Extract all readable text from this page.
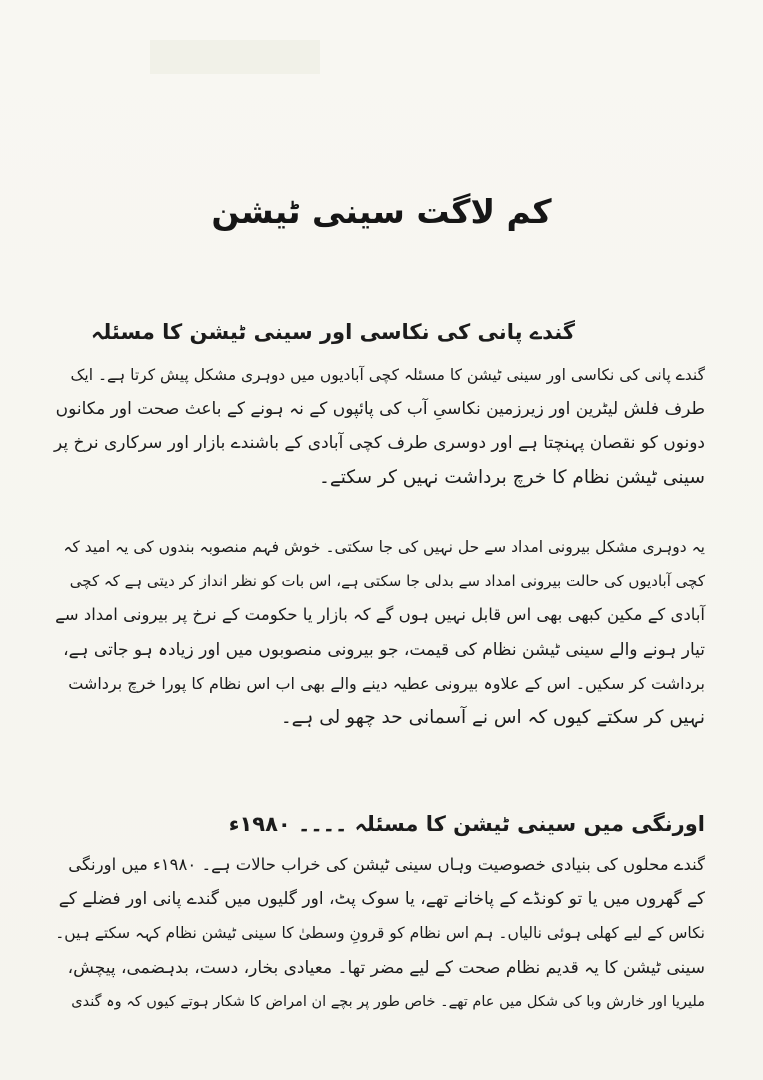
کم لاگت سینی ٹیشن
گندے پانی کی نکاسی اور سینی ٹیشن کا مسئلہ

گندے پانی کی نکاسی اور سینی ٹیشن کا مسئلہ کچی آبادیوں میں دوہری مشکل پیش کرتا ہے۔ ایک

طرف فلش لیٹرین اور زیرزمین نکاسیِ آب کی پائپوں کے نہ ہونے کے باعث صحت اور مکانوں

دونوں کو نقصان پہنچتا ہے اور دوسری طرف کچی آبادی کے باشندے بازار اور سرکاری نرخ پر

سینی ٹیشن نظام کا خرچ برداشت نہیں کر سکتے۔

یہ دوہری مشکل بیرونی امداد سے حل نہیں کی جا سکتی۔ خوش فہم منصوبہ بندوں کی یہ امید کہ

کچی آبادیوں کی حالت بیرونی امداد سے بدلی جا سکتی ہے، اس بات کو نظر انداز کر دیتی ہے کہ کچی

آبادی کے مکین کبھی بھی اس قابل نہیں ہوں گے کہ بازار یا حکومت کے نرخ پر بیرونی امداد سے

تیار ہونے والے سینی ٹیشن نظام کی قیمت، جو بیرونی منصوبوں میں اور زیادہ ہو جاتی ہے،

برداشت کر سکیں۔ اس کے علاوہ بیرونی عطیہ دینے والے بھی اب اس نظام کا پورا خرچ برداشت

نہیں کر سکتے کیوں کہ اس نے آسمانی حد چھو لی ہے۔

اورنگی میں سینی ٹیشن کا مسئلہ ۔۔۔۔ ۱۹۸۰ء

گندے محلوں کی بنیادی خصوصیت وہاں سینی ٹیشن کی خراب حالات ہے۔ ۱۹۸۰ء میں اورنگی

کے گھروں میں یا تو کونڈے کے پاخانے تھے، یا سوک پٹ، اور گلیوں میں گندے پانی اور فضلے کے

نکاس کے لیے کھلی ہوئی نالیاں۔ ہم اس نظام کو قرونِ وسطیٰ کا سینی ٹیشن نظام کہہ سکتے ہیں۔

سینی ٹیشن کا یہ قدیم نظام صحت کے لیے مضر تھا۔ معیادی بخار، دست، بدہضمی، پیچش،

ملیریا اور خارش وبا کی شکل میں عام تھے۔ خاص طور پر بچے ان امراض کا شکار ہوتے کیوں کہ وہ گندی
